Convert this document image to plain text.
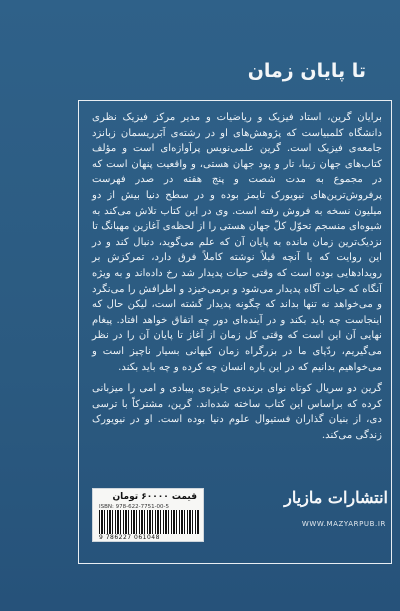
تا پایان زمان

برایان گرین، استاد فیزیک و ریاضیات و مدیر مرکز فیزیک نظری دانشگاه کلمبیاست که پژوهش‌های او در رشته‌ی اَبَرریسمان زبانزد جامعه‌ی فیزیک است. گرین علمی‌نویس پرآوازه‌ای است و مؤلف کتاب‌های جهان زیبا، تار و پود جهان هستی، و واقعیت پنهان است که در مجموع به مدت شصت و پنج هفته در صدر فهرست پرفروش‌ترین‌های نیویورک تایمز بوده و در سطح دنیا بیش از دو میلیون نسخه به فروش رفته است. وی در این کتاب تلاش می‌کند به شیوه‌ای منسجم تحوّل کلّ جهان هستی را از لحظه‌ی آغازین مهبانگ تا نزدیک‌ترین زمان مانده به پایان آن که علم می‌گوید، دنبال کند و در این روایت که با آنچه قبلاً نوشته کاملاً فرق دارد، تمرکزش بر رویدادهایی بوده است که وقتی حیات پدیدار شد رخ داده‌اند و به ویژه آنگاه که حیات آگاه پدیدار می‌شود و برمی‌خیزد و اطرافش را می‌نگرد و می‌خواهد نه تنها بداند که چگونه پدیدار گشته است، لیکن حال که اینجاست چه باید بکند و در آینده‌ای دور چه اتفاق خواهد افتاد. پیغام نهایی آن این است که وقتی کل زمان از آغاز تا پایان آن را در نظر می‌گیریم، ردّپای ما در بزرگراه زمان کیهانی بسیار ناچیز است و می‌خواهیم بدانیم که در این باره انسان چه کرده و چه باید بکند.

گرین دو سریال کوتاه نوای برنده‌ی جایزه‌ی پیبادی و امی را میزبانی کرده که براساس این کتاب ساخته شده‌اند. گرین، مشترکاً با ترسی دی، از بنیان گذاران فستیوال علوم دنیا بوده است. او در نیویورک زندگی می‌کند.

قیمت ۶۰۰۰۰ تومان
ISBN: 978-622-7751-00-5
9 786227 061048
انتشارات مازیار
WWW.MAZYARPUB.IR
